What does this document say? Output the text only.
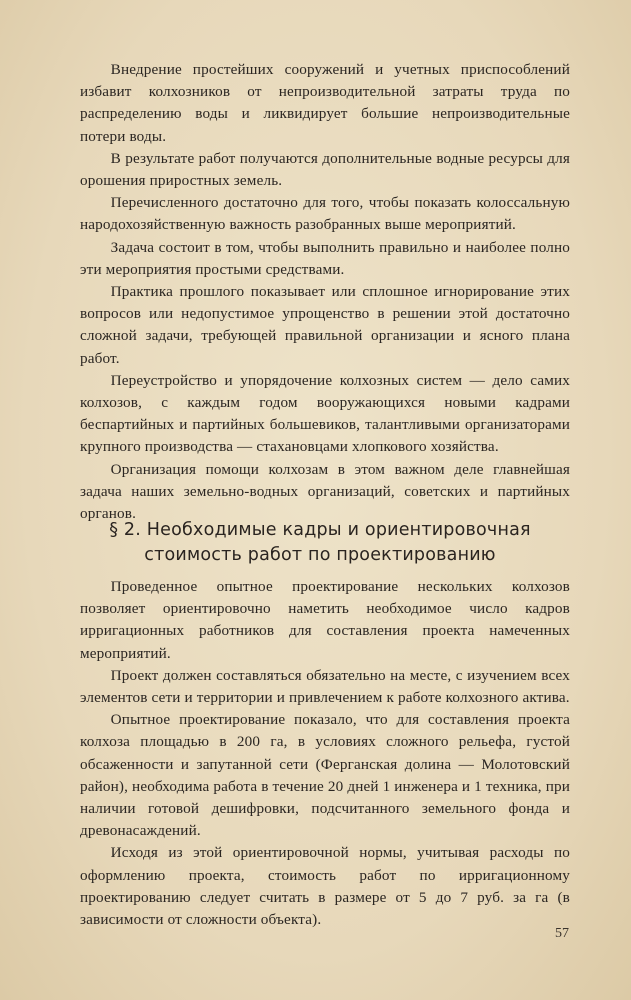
  Внедрение простейших сооружений и учетных приспособлений избавит колхозников от непроизводительной затраты труда по распределению воды и ликвидирует большие непроизводительные потери воды.

  В результате работ получаются дополнительные водные ресурсы для орошения приростных земель.

  Перечисленного достаточно для того, чтобы показать колоссальную народохозяйственную важность разобранных выше мероприятий.

  Задача состоит в том, чтобы выполнить правильно и наиболее полно эти мероприятия простыми средствами.

  Практика прошлого показывает или сплошное игнорирование этих вопросов или недопустимое упрощенство в решении этой достаточно сложной задачи, требующей правильной организации и ясного плана работ.

  Переустройство и упорядочение колхозных систем — дело самих колхозов, с каждым годом вооружающихся новыми кадрами беспартийных и партийных большевиков, талантливыми организаторами крупного производства — стахановцами хлопкового хозяйства.

  Организация помощи колхозам в этом важном деле главнейшая задача наших земельно-водных организаций, советских и партийных органов.

§ 2. Необходимые кадры и ориентировочная
стоимость работ по проектированию

  Проведенное опытное проектирование нескольких колхозов позволяет ориентировочно наметить необходимое число кадров ирригационных работников для составления проекта намеченных мероприятий.

  Проект должен составляться обязательно на месте, с изучением всех элементов сети и территории и привлечением к работе колхозного актива.

  Опытное проектирование показало, что для составления проекта колхоза площадью в 200 га, в условиях сложного рельефа, густой обсаженности и запутанной сети (Ферганская долина — Молотовский район), необходима работа в течение 20 дней 1 инженера и 1 техника, при наличии готовой дешифровки, подсчитанного земельного фонда и древонасаждений.

  Исходя из этой ориентировочной нормы, учитывая расходы по оформлению проекта, стоимость работ по ирригационному проектированию следует считать в размере от 5 до 7 руб. за га (в зависимости от сложности объекта).

57
